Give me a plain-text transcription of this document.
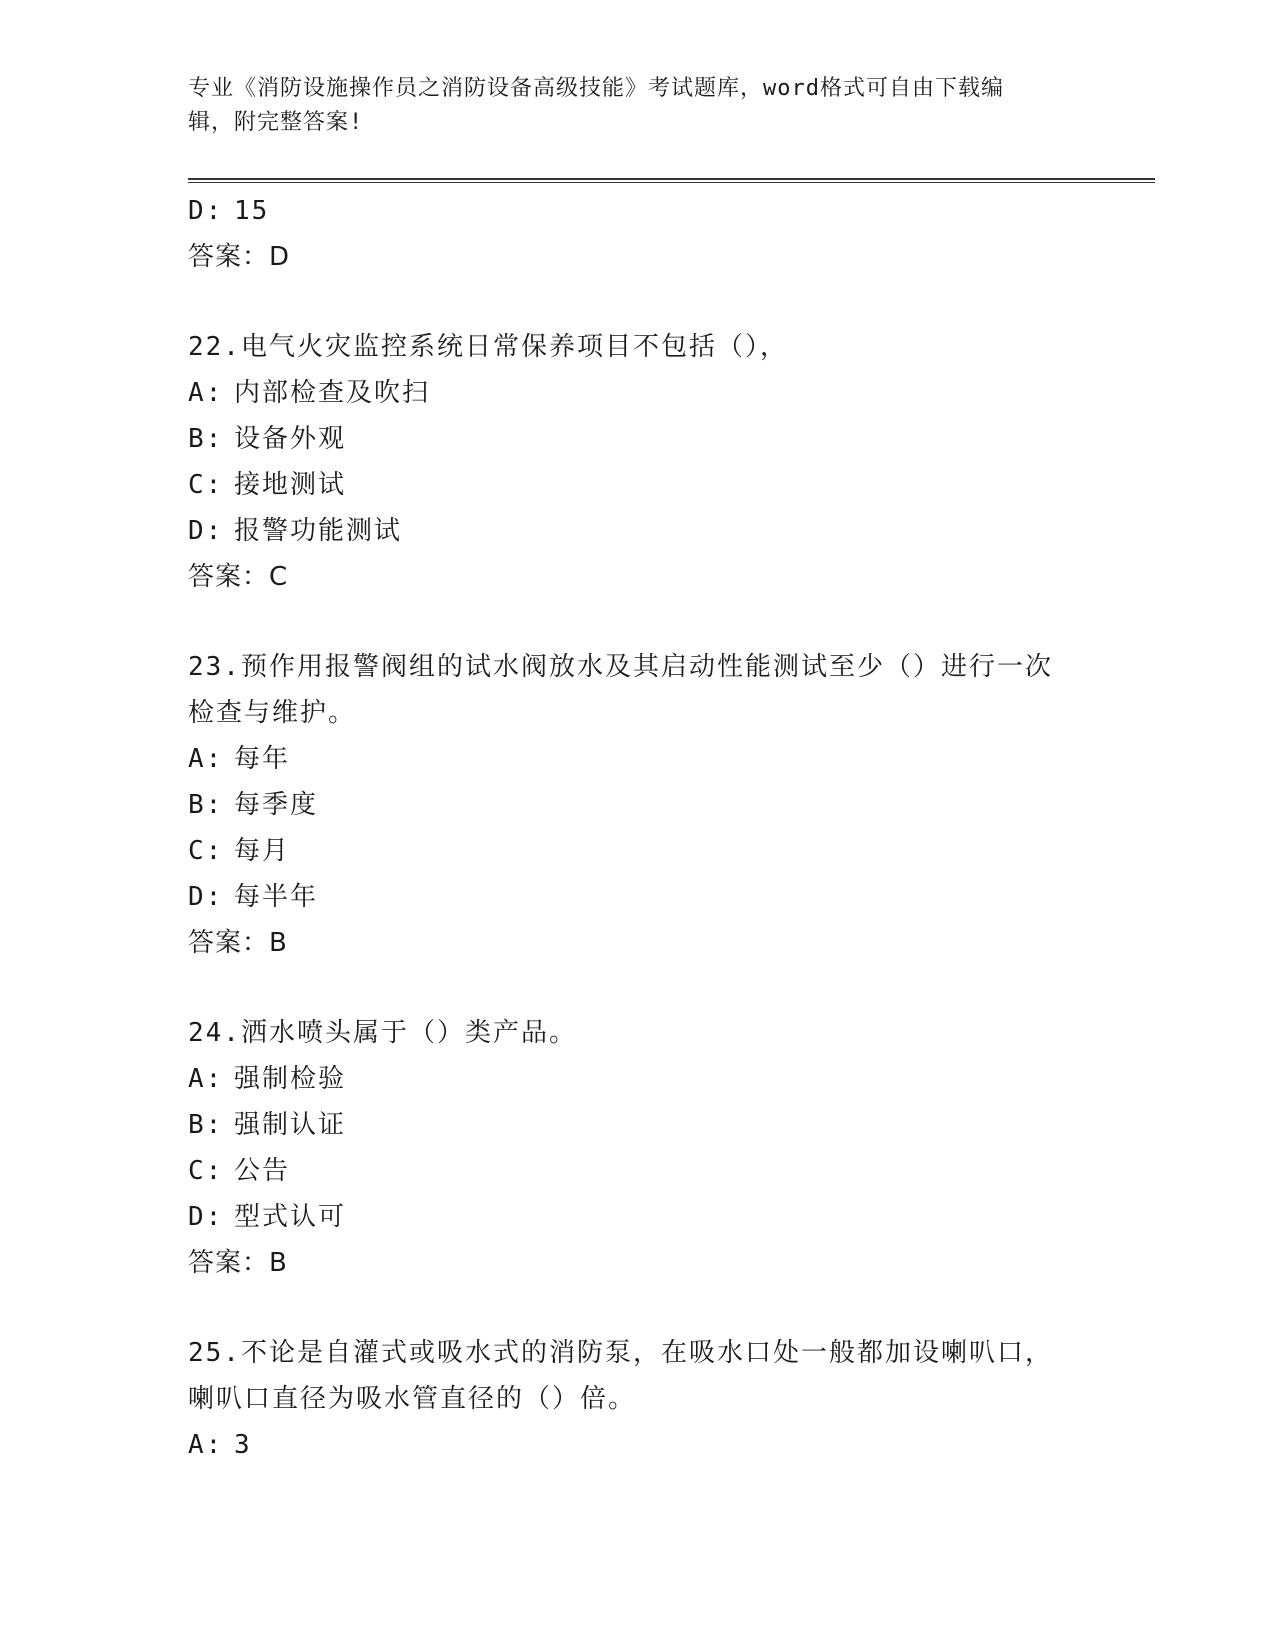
专业《消防设施操作员之消防设备高级技能》考试题库，word格式可自由下载编
辑，附完整答案!
D: 15
答案：D
22.电气火灾监控系统日常保养项目不包括（），
A: 内部检查及吹扫
B: 设备外观
C: 接地测试
D: 报警功能测试
答案：C
23.预作用报警阀组的试水阀放水及其启动性能测试至少（）进行一次
检查与维护。
A: 每年
B: 每季度
C: 每月
D: 每半年
答案：B
24.洒水喷头属于（）类产品。
A: 强制检验
B: 强制认证
C: 公告
D: 型式认可
答案：B
25.不论是自灌式或吸水式的消防泵，在吸水口处一般都加设喇叭口，
喇叭口直径为吸水管直径的（）倍。
A: 3
